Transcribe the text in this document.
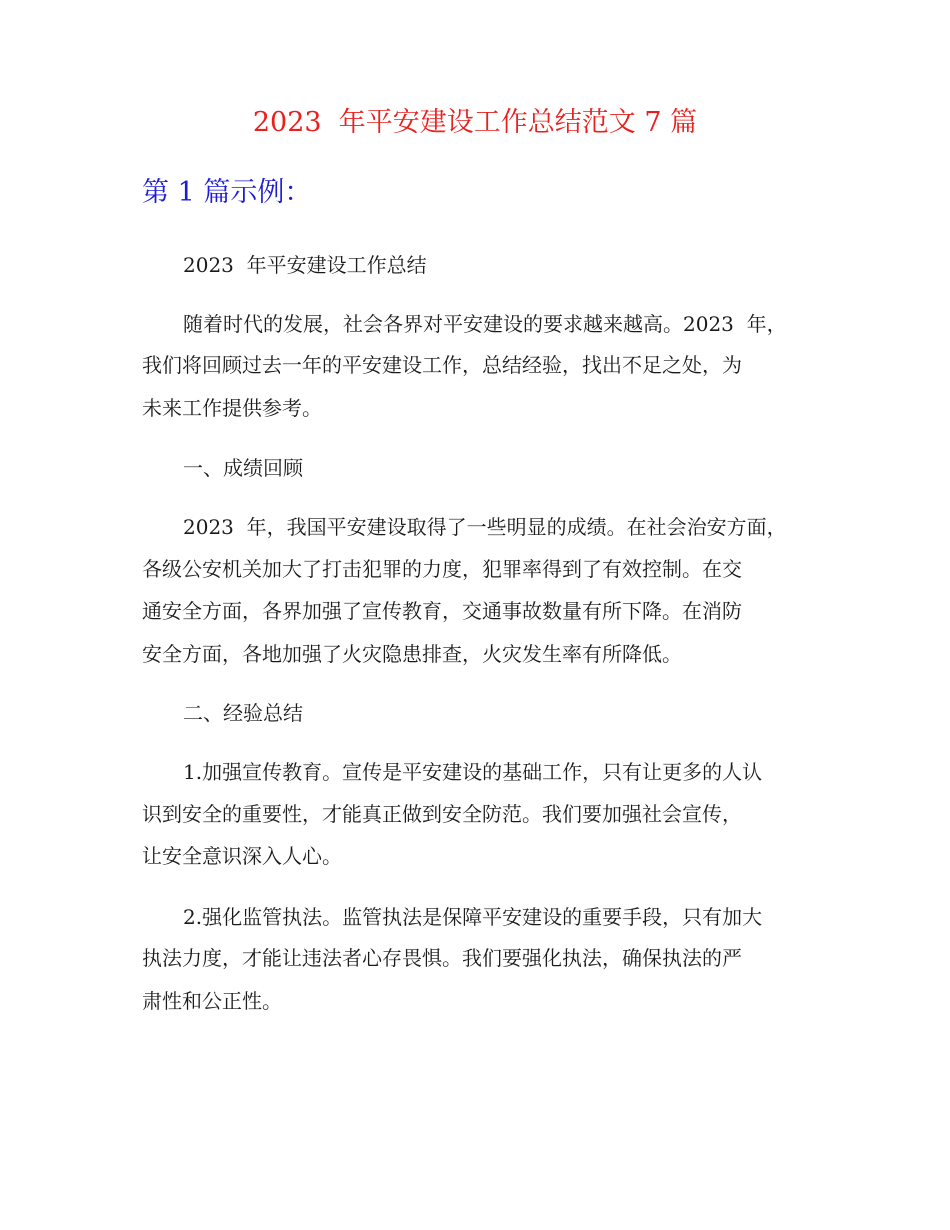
2023  年平安建设工作总结范文 7 篇
第 1 篇示例：
2023  年平安建设工作总结
随着时代的发展，社会各界对平安建设的要求越来越高。2023  年，
我们将回顾过去一年的平安建设工作，总结经验，找出不足之处，为
未来工作提供参考。
一、成绩回顾
2023  年，我国平安建设取得了一些明显的成绩。在社会治安方面，
各级公安机关加大了打击犯罪的力度，犯罪率得到了有效控制。在交
通安全方面，各界加强了宣传教育，交通事故数量有所下降。在消防
安全方面，各地加强了火灾隐患排查，火灾发生率有所降低。
二、经验总结
1.加强宣传教育。宣传是平安建设的基础工作，只有让更多的人认
识到安全的重要性，才能真正做到安全防范。我们要加强社会宣传，
让安全意识深入人心。
2.强化监管执法。监管执法是保障平安建设的重要手段，只有加大
执法力度，才能让违法者心存畏惧。我们要强化执法，确保执法的严
肃性和公正性。
